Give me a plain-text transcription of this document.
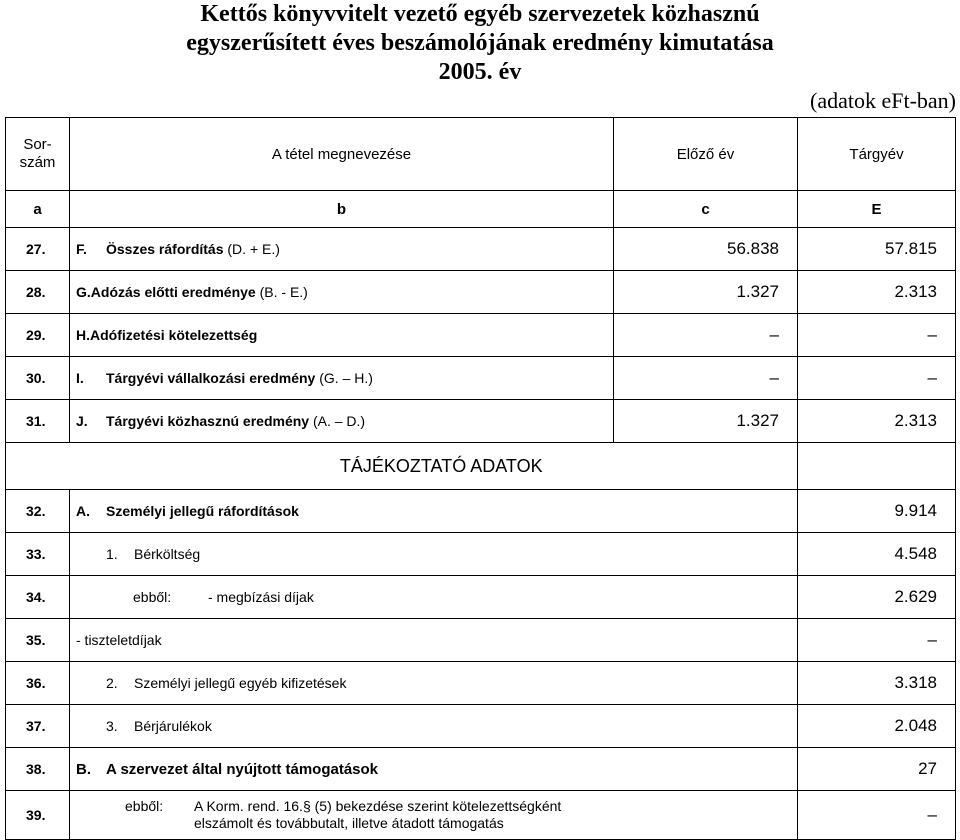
Kettős könyvvitelt vezető egyéb szervezetek közhasznú
egyszerűsített éves beszámolójának eredmény kimutatása
2005. év
(adatok eFt-ban)
Sor-
szám	A tétel megnevezése	Előző év	Tárgyév
a	b	c	E
27.	F. Összes ráfordítás (D. + E.)	56.838	57.815
28.	G.Adózás előtti eredménye (B. - E.)	1.327	2.313
29.	H.Adófizetési kötelezettség	–	–
30.	I. Tárgyévi vállalkozási eredmény (G. – H.)	–	–
31.	J. Tárgyévi közhasznú eredmény (A. – D.)	1.327	2.313
	TÁJÉKOZTATÓ ADATOK		
32.	A. Személyi jellegű ráfordítások		9.914
33.	1. Bérköltség		4.548
34.	ebből: - megbízási díjak		2.629
35.	- tiszteletdíjak		–
36.	2. Személyi jellegű egyéb kifizetések		3.318
37.	3. Bérjárulékok		2.048
38.	B. A szervezet által nyújtott támogatások		27
39.	ebből: A Korm. rend. 16.§ (5) bekezdése szerint kötelezettségként
elszámolt és továbbutalt, illetve átadott támogatás		–
